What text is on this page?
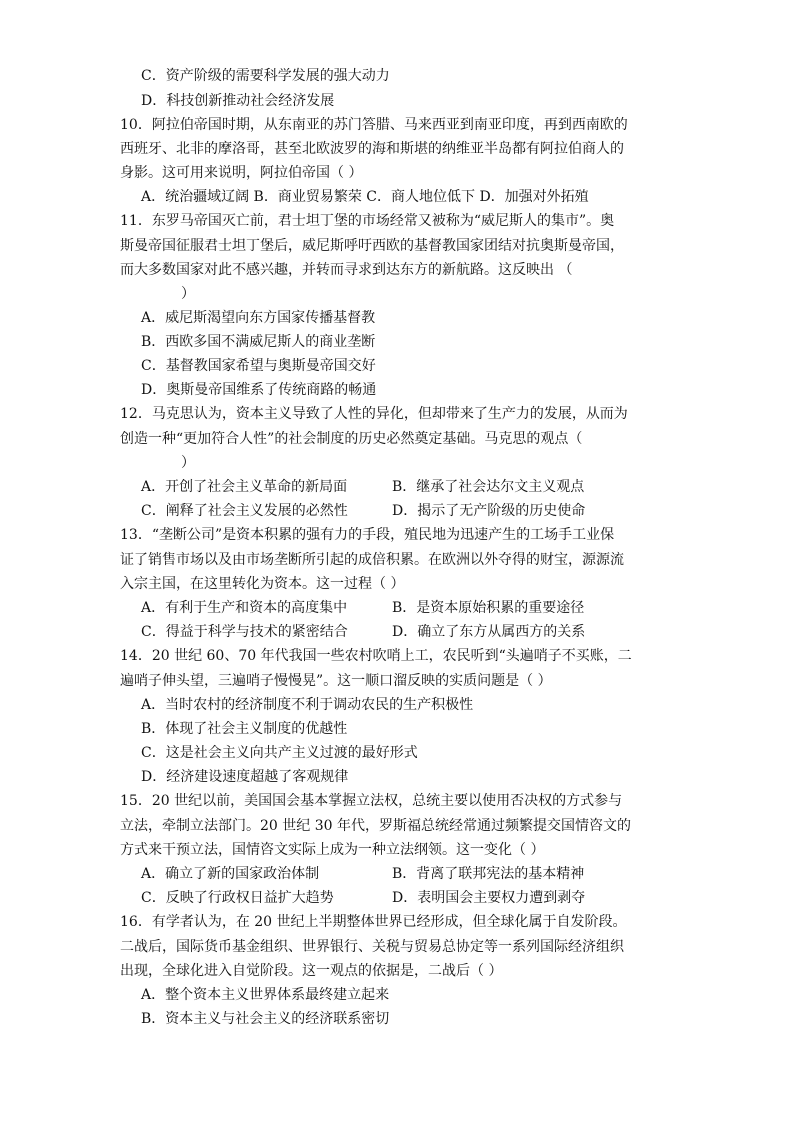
C．资产阶级的需要科学发展的强大动力
D．科技创新推动社会经济发展
10．阿拉伯帝国时期，从东南亚的苏门答腊、马来西亚到南亚印度，再到西南欧的
西班牙、北非的摩洛哥，甚至北欧波罗的海和斯堪的纳维亚半岛都有阿拉伯商人的
身影。这可用来说明，阿拉伯帝国（ ）
A．统治疆域辽阔 B．商业贸易繁荣 C．商人地位低下 D．加强对外拓殖
11．东罗马帝国灭亡前，君士坦丁堡的市场经常又被称为“威尼斯人的集市”。奥
斯曼帝国征服君士坦丁堡后，威尼斯呼吁西欧的基督教国家团结对抗奥斯曼帝国，
而大多数国家对此不感兴趣，并转而寻求到达东方的新航路。这反映出 （
）
A．威尼斯渴望向东方国家传播基督教
B．西欧多国不满威尼斯人的商业垄断
C．基督教国家希望与奥斯曼帝国交好
D．奥斯曼帝国维系了传统商路的畅通
12．马克思认为，资本主义导致了人性的异化，但却带来了生产力的发展，从而为
创造一种“更加符合人性”的社会制度的历史必然奠定基础。马克思的观点（
）
A．开创了社会主义革命的新局面	B．继承了社会达尔文主义观点
C．阐释了社会主义发展的必然性	D．揭示了无产阶级的历史使命
13．“垄断公司”是资本积累的强有力的手段，殖民地为迅速产生的工场手工业保
证了销售市场以及由市场垄断所引起的成倍积累。在欧洲以外夺得的财宝，源源流
入宗主国，在这里转化为资本。这一过程（ ）
A．有利于生产和资本的高度集中	B．是资本原始积累的重要途径
C．得益于科学与技术的紧密结合	D．确立了东方从属西方的关系
14．20 世纪 60、70 年代我国一些农村吹哨上工，农民听到“头遍哨子不买账，二
遍哨子伸头望，三遍哨子慢慢晃”。这一顺口溜反映的实质问题是（ ）
A．当时农村的经济制度不利于调动农民的生产积极性
B．体现了社会主义制度的优越性
C．这是社会主义向共产主义过渡的最好形式
D．经济建设速度超越了客观规律
15．20 世纪以前，美国国会基本掌握立法权，总统主要以使用否决权的方式参与
立法，牵制立法部门。20 世纪 30 年代，罗斯福总统经常通过频繁提交国情咨文的
方式来干预立法，国情咨文实际上成为一种立法纲领。这一变化（ ）
A．确立了新的国家政治体制	B．背离了联邦宪法的基本精神
C．反映了行政权日益扩大趋势	D．表明国会主要权力遭到剥夺
16．有学者认为，在 20 世纪上半期整体世界已经形成，但全球化属于自发阶段。
二战后，国际货币基金组织、世界银行、关税与贸易总协定等一系列国际经济组织
出现，全球化进入自觉阶段。这一观点的依据是，二战后（ ）
A．整个资本主义世界体系最终建立起来
B．资本主义与社会主义的经济联系密切
